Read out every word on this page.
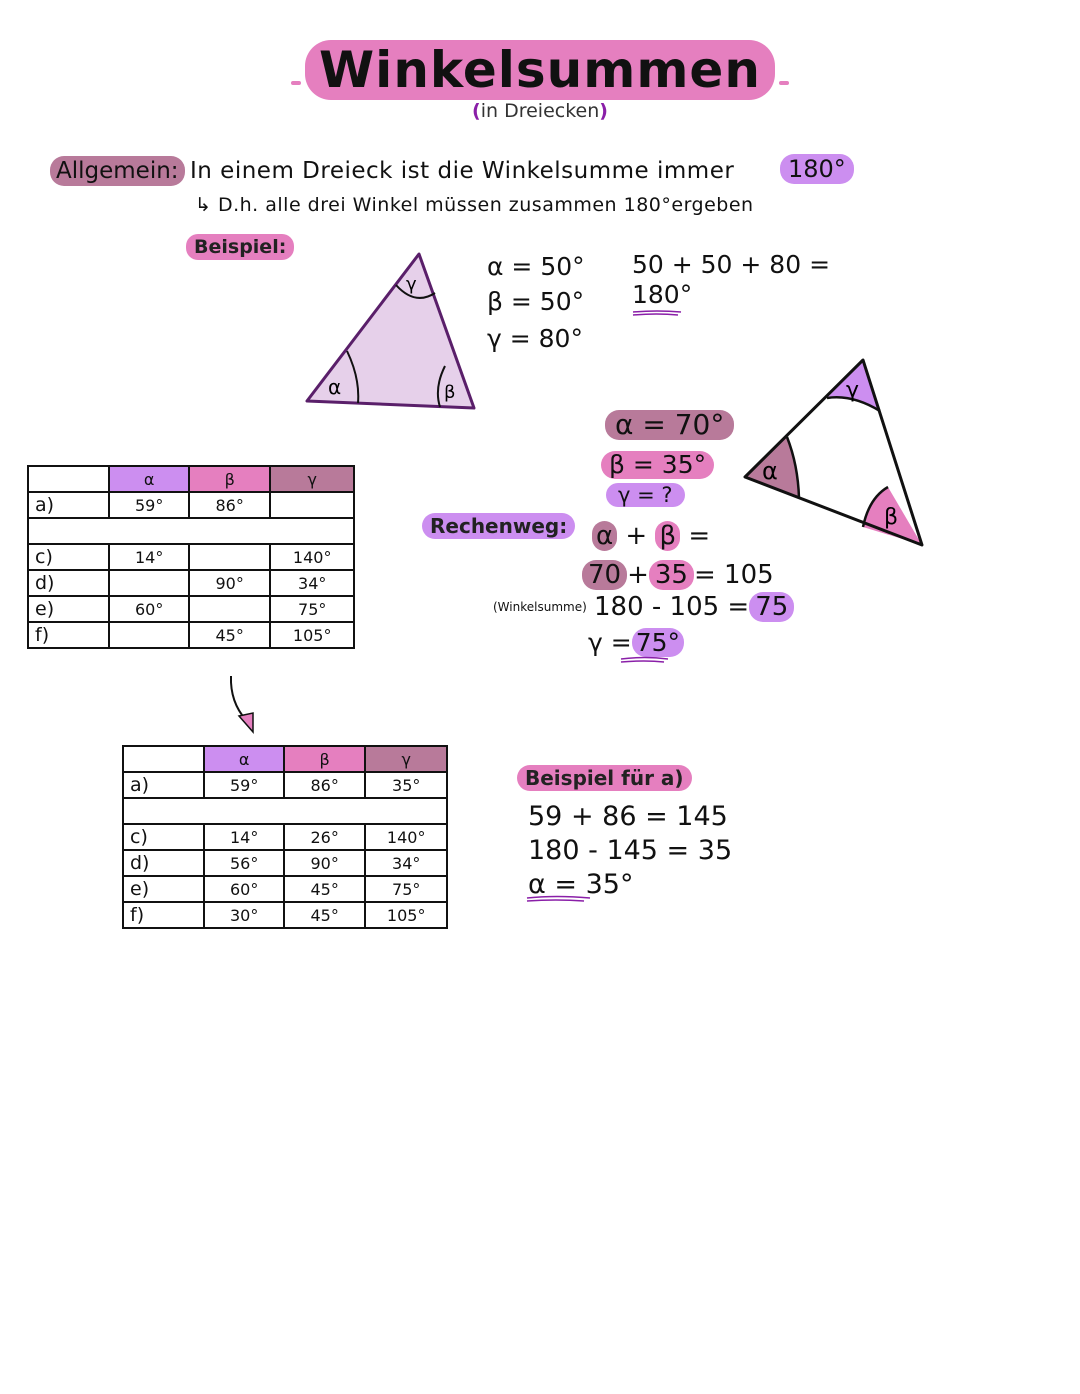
Winkelsummen
(in Dreiecken)
Allgemein: In einem Dreieck ist die Winkelsumme immer	180°
↳ D.h. alle drei Winkel müssen zusammen 180°ergeben
Beispiel:
α	β
γ
α = 50°
β = 50°
γ = 80°
50 + 50 + 80 =
180°
α = 70°
β = 35°
γ = ?
α
β
γ
Rechenweg:	α + β =
70 + 35 = 105
(Winkelsumme) 180 - 105 = 75
γ = 75°
	α	β	γ
a)	59°	86°	

c)	14°		140°
d)		90°	34°
e)	60°		75°
f)		45°	105°
	α	β	γ
a)	59°	86°	35°

c)	14°	26°	140°
d)	56°	90°	34°
e)	60°	45°	75°
f)	30°	45°	105°
Beispiel für a)
59 + 86 = 145
180 - 145 = 35
α = 35°
